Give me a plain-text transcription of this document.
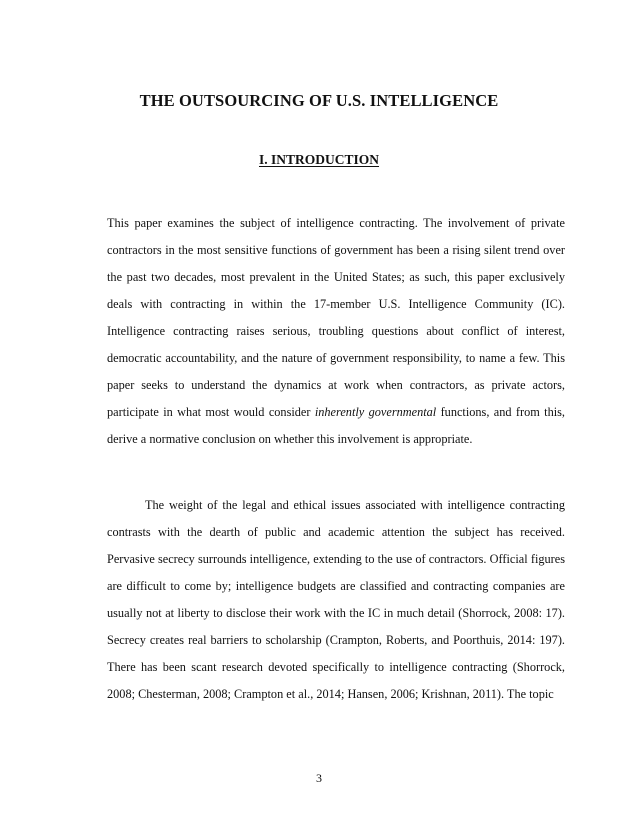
THE OUTSOURCING OF U.S. INTELLIGENCE
I. INTRODUCTION

This paper examines the subject of intelligence contracting. The involvement of private contractors in the most sensitive functions of government has been a rising silent trend over the past two decades, most prevalent in the United States; as such, this paper exclusively deals with contracting in within the 17-member U.S. Intelligence Community (IC). Intelligence contracting raises serious, troubling questions about conflict of interest, democratic accountability, and the nature of government responsibility, to name a few. This paper seeks to understand the dynamics at work when contractors, as private actors, participate in what most would consider inherently governmental functions, and from this, derive a normative conclusion on whether this involvement is appropriate.

The weight of the legal and ethical issues associated with intelligence contracting contrasts with the dearth of public and academic attention the subject has received. Pervasive secrecy surrounds intelligence, extending to the use of contractors. Official figures are difficult to come by; intelligence budgets are classified and contracting companies are usually not at liberty to disclose their work with the IC in much detail (Shorrock, 2008: 17). Secrecy creates real barriers to scholarship (Crampton, Roberts, and Poorthuis, 2014: 197). There has been scant research devoted specifically to intelligence contracting (Shorrock, 2008; Chesterman, 2008; Crampton et al., 2014; Hansen, 2006; Krishnan, 2011). The topic

3
